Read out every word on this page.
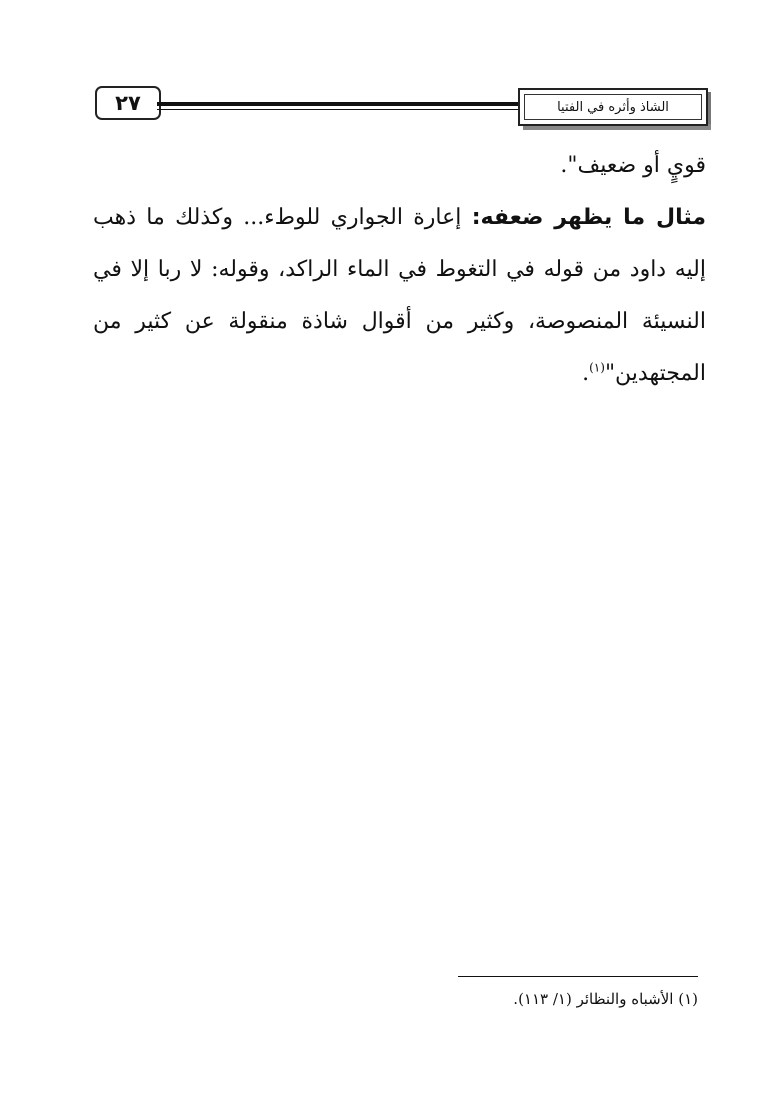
٢٧	الشاذ وأثره في الفتيا

قويٍ أو ضعيف".

مثال ما يظهر ضعفه: إعارة الجواري للوطء... وكذلك ما ذهب إليه داود من قوله في التغوط في الماء الراكد، وقوله: لا ربا إلا في النسيئة المنصوصة، وكثير من أقوال شاذة منقولة عن كثير من المجتهدين"$^{(١)}$.

(١) الأشباه والنظائر (١/ ١١٣).
